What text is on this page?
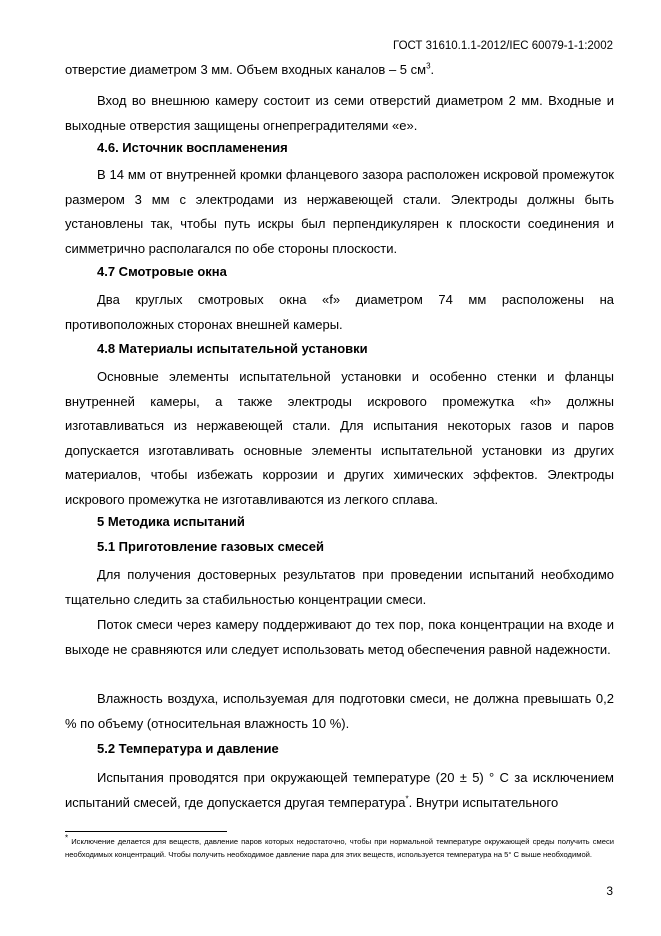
ГОСТ 31610.1.1-2012/IEC 60079-1-1:2002

отверстие диаметром 3 мм. Объем входных каналов – 5 $см^3$.

Вход во внешнюю камеру состоит из семи отверстий диаметром 2 мм. Входные и выходные отверстия защищены огнепреградителями «e».

4.6. Источник воспламенения

В 14 мм от внутренней кромки фланцевого зазора расположен искровой промежуток размером 3 мм с электродами из нержавеющей стали. Электроды должны быть установлены так, чтобы путь искры был перпендикулярен к плоскости соединения и симметрично располагался по обе стороны плоскости.

4.7 Смотровые окна

Два круглых смотровых окна «f» диаметром 74 мм расположены на противоположных сторонах внешней камеры.

4.8 Материалы испытательной установки

Основные элементы испытательной установки и особенно стенки и фланцы внутренней камеры, а также электроды искрового промежутка «h» должны изготавливаться из нержавеющей стали. Для испытания некоторых газов и паров допускается изготавливать основные элементы испытательной установки из других материалов, чтобы избежать коррозии и других химических эффектов. Электроды искрового промежутка не изготавливаются из легкого сплава.

5 Методика испытаний

5.1 Приготовление газовых смесей

Для получения достоверных результатов при проведении испытаний необходимо тщательно следить за стабильностью концентрации смеси.

Поток смеси через камеру поддерживают до тех пор, пока концентрации на входе и выходе не сравняются или следует использовать метод обеспечения равной надежности.

Влажность воздуха, используемая для подготовки смеси, не должна превышать 0,2 % по объему (относительная влажность 10 %).

5.2 Температура и давление

Испытания проводятся при окружающей температуре (20 ± 5) ° С за исключением испытаний смесей, где допускается другая температура*. Внутри испытательного

* Исключение делается для веществ, давление паров которых недостаточно, чтобы при нормальной температуре окружающей среды получить смеси необходимых концентраций. Чтобы получить необходимое давление пара для этих веществ, используется температура на 5° С выше необходимой.

3
